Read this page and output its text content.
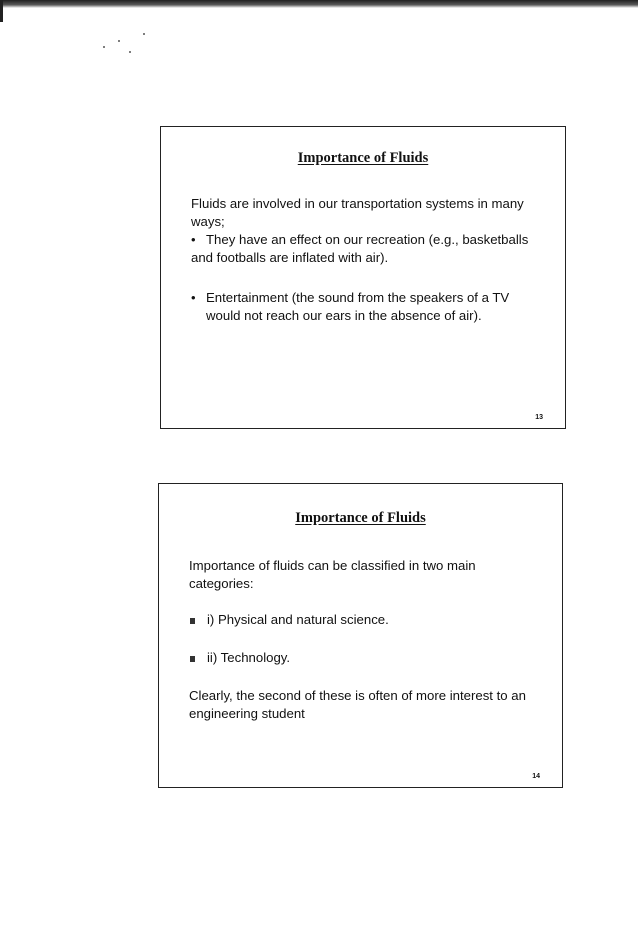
Importance of Fluids

Fluids are involved in our transportation systems in many ways;

• They have an effect on our recreation (e.g., basketballs and footballs are inflated with air).

• Entertainment (the sound from the speakers of a TV would not reach our ears in the absence of air).

13
Importance of Fluids

Importance of fluids can be classified in two main categories:

i) Physical and natural science.

ii) Technology.

Clearly, the second of these is often of more interest to an engineering student

14
